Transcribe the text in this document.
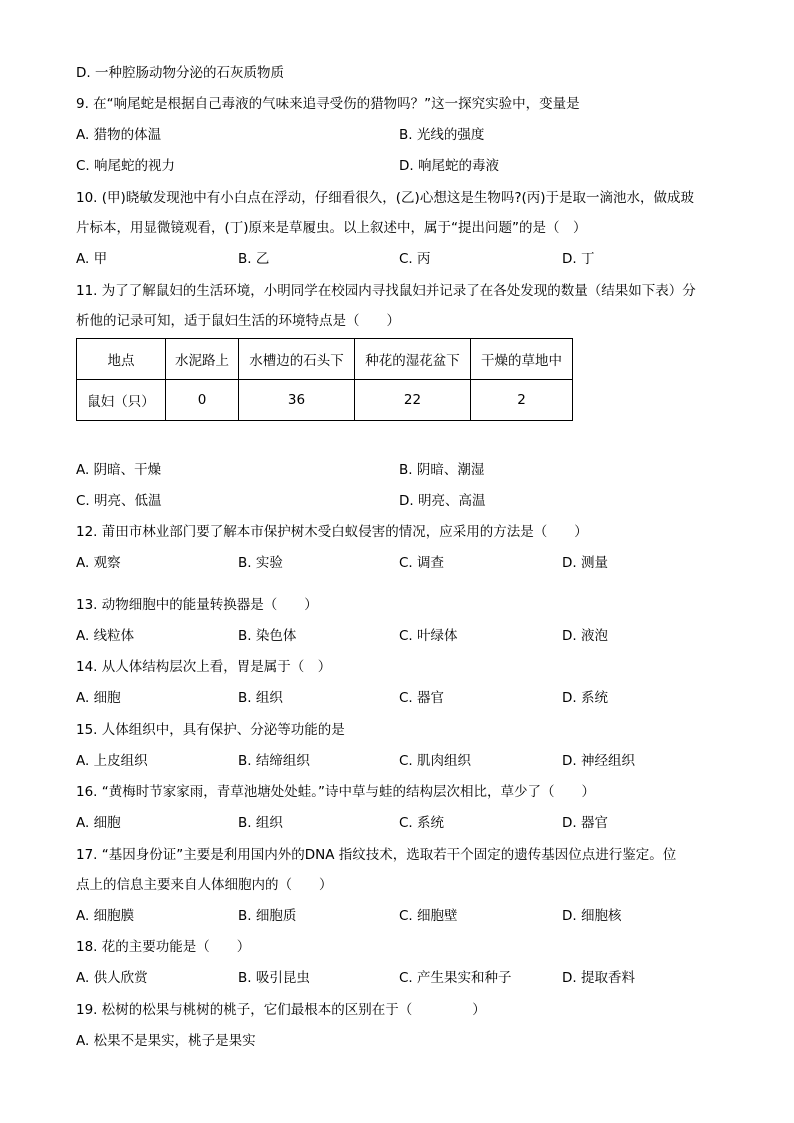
D. 一种腔肠动物分泌的石灰质物质
9. 在“响尾蛇是根据自己毒液的气味来追寻受伤的猎物吗？”这一探究实验中，变量是
A. 猎物的体温	B. 光线的强度
C. 响尾蛇的视力	D. 响尾蛇的毒液
10. (甲)晓敏发现池中有小白点在浮动，仔细看很久，(乙)心想这是生物吗?(丙)于是取一滴池水，做成玻
片标本，用显微镜观看，(丁)原来是草履虫。以上叙述中，属于“提出问题”的是（　）
A. 甲	B. 乙	C. 丙	D. 丁
11. 为了了解鼠妇的生活环境，小明同学在校园内寻找鼠妇并记录了在各处发现的数量（结果如下表）分
析他的记录可知，适于鼠妇生活的环境特点是（　　）
地点	水泥路上	水槽边的石头下	种花的湿花盆下	干燥的草地中
鼠妇（只）	0	36	22	2
A. 阴暗、干燥	B. 阴暗、潮湿
C. 明亮、低温	D. 明亮、高温
12. 莆田市林业部门要了解本市保护树木受白蚁侵害的情况，应采用的方法是（　　）
A. 观察	B. 实验	C. 调查	D. 测量
13. 动物细胞中的能量转换器是（　　）
A. 线粒体	B. 染色体	C. 叶绿体	D. 液泡
14. 从人体结构层次上看，胃是属于（　）
A. 细胞	B. 组织	C. 器官	D. 系统
15. 人体组织中，具有保护、分泌等功能的是
A. 上皮组织	B. 结缔组织	C. 肌肉组织	D. 神经组织
16. “黄梅时节家家雨，青草池塘处处蛙。”诗中草与蛙的结构层次相比，草少了（　　）
A. 细胞	B. 组织	C. 系统	D. 器官
17. “基因身份证”主要是利用国内外的DNA 指纹技术，选取若干个固定的遗传基因位点进行鉴定。位
点上的信息主要来自人体细胞内的（　　）
A. 细胞膜	B. 细胞质	C. 细胞壁	D. 细胞核
18. 花的主要功能是（　　）
A. 供人欣赏	B. 吸引昆虫	C. 产生果实和种子	D. 提取香料
19. 松树的松果与桃树的桃子，它们最根本的区别在于（	）
A. 松果不是果实，桃子是果实
